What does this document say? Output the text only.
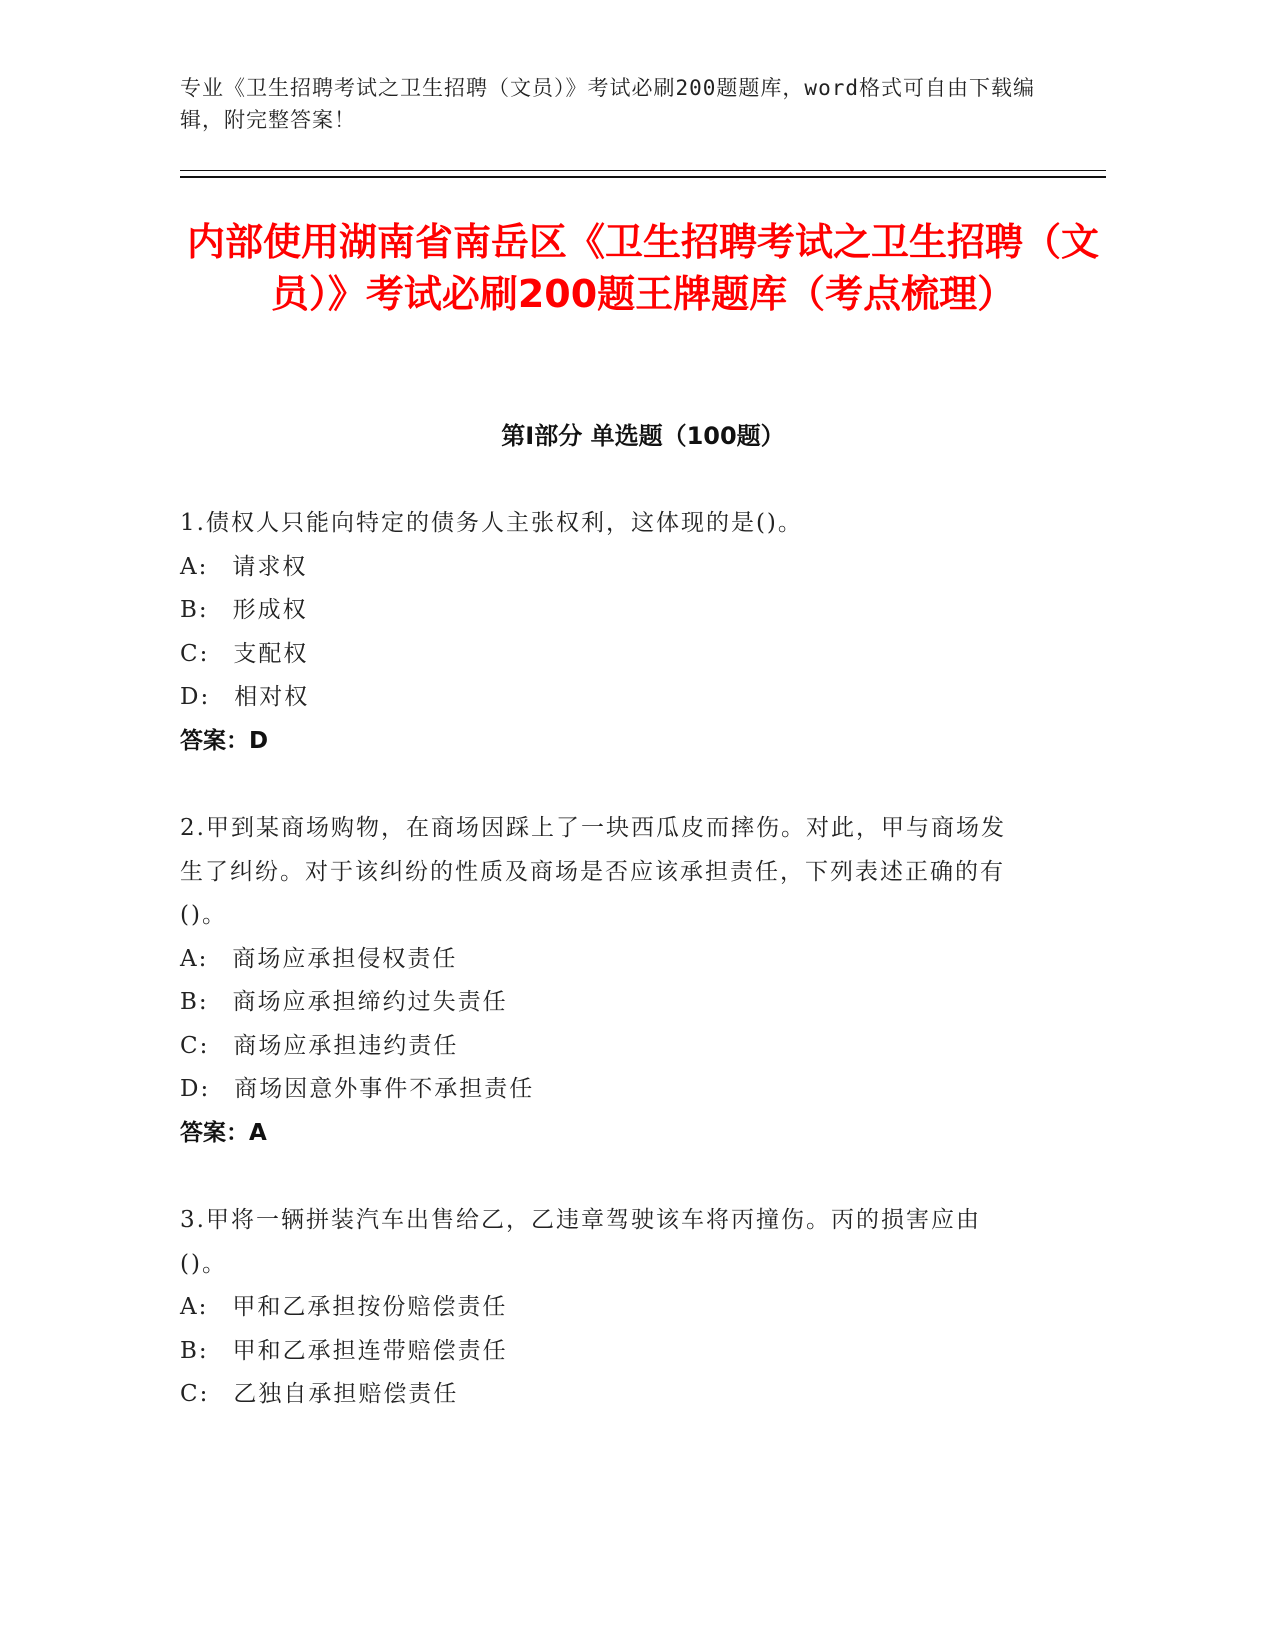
专业《卫生招聘考试之卫生招聘（文员）》考试必刷200题题库，word格式可自由下载编辑，附完整答案！
内部使用湖南省南岳区《卫生招聘考试之卫生招聘（文员）》考试必刷200题王牌题库（考点梳理）
第Ⅰ部分 单选题（100题）
1.债权人只能向特定的债务人主张权利，这体现的是()。
A: 请求权
B: 形成权
C: 支配权
D: 相对权
答案：D
2.甲到某商场购物，在商场因踩上了一块西瓜皮而摔伤。对此，甲与商场发生了纠纷。对于该纠纷的性质及商场是否应该承担责任，下列表述正确的有()。
A: 商场应承担侵权责任
B: 商场应承担缔约过失责任
C: 商场应承担违约责任
D: 商场因意外事件不承担责任
答案：A
3.甲将一辆拼装汽车出售给乙，乙违章驾驶该车将丙撞伤。丙的损害应由()。
A: 甲和乙承担按份赔偿责任
B: 甲和乙承担连带赔偿责任
C: 乙独自承担赔偿责任
